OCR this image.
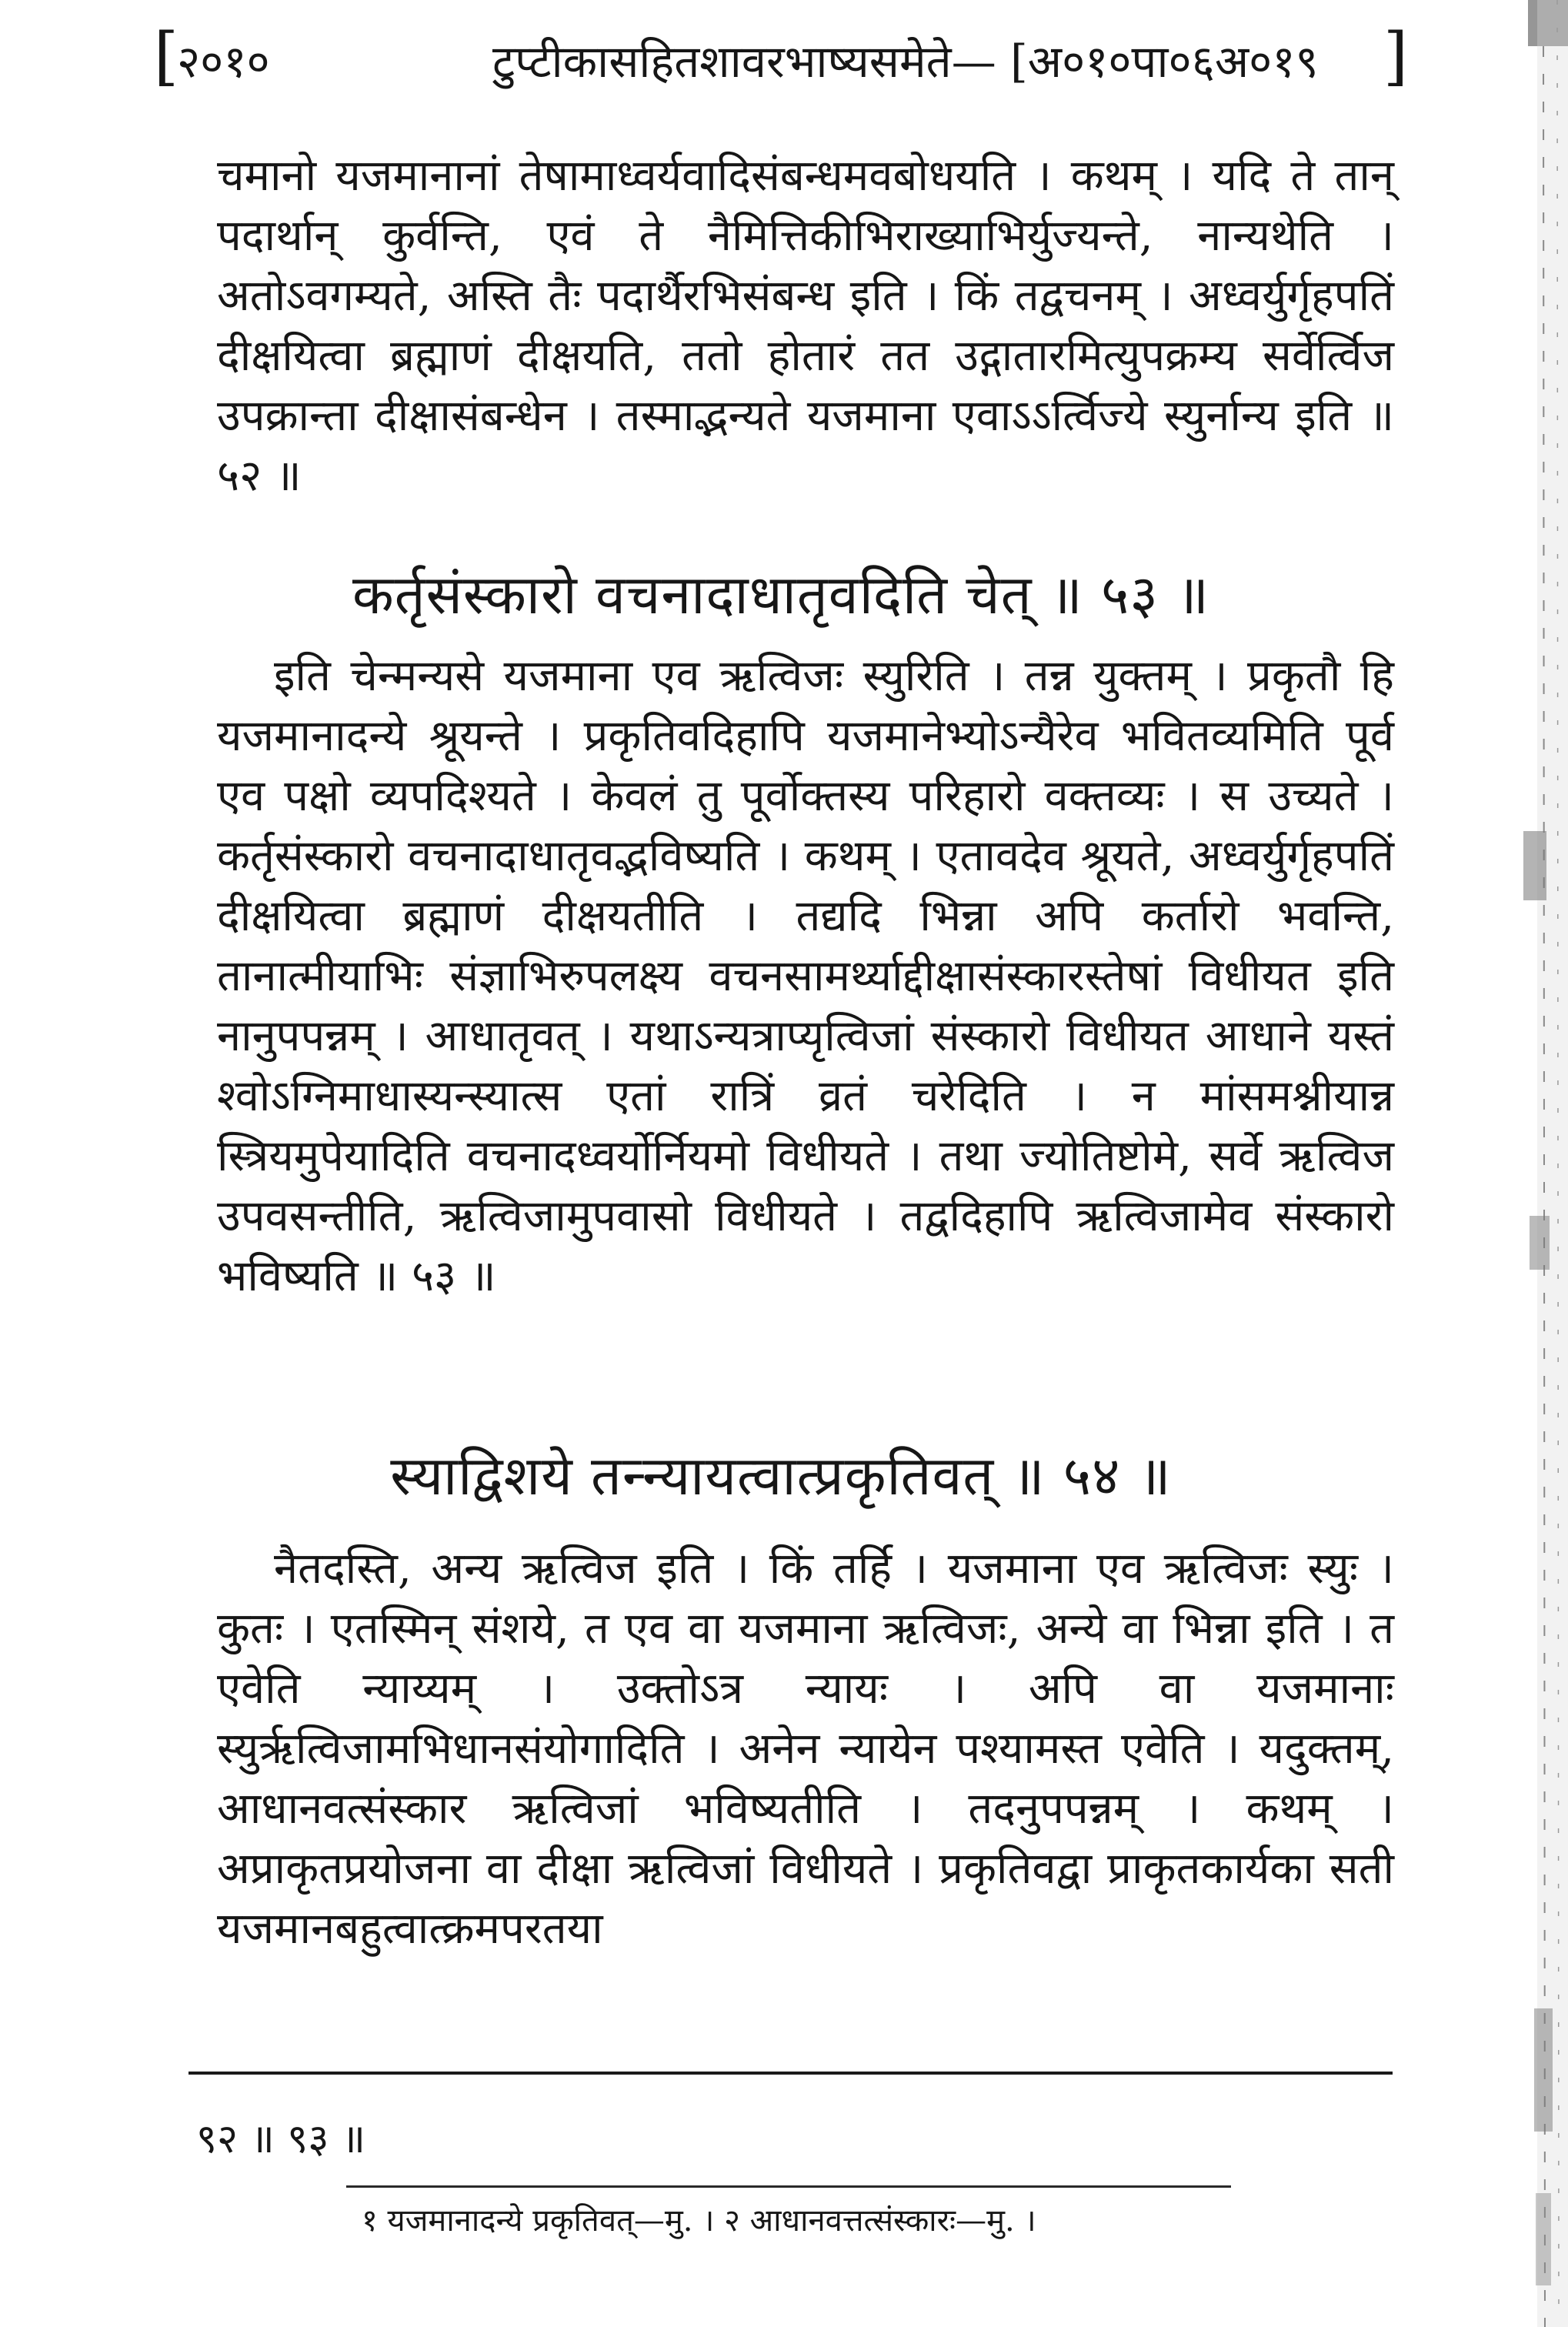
[
२०१०	टुप्टीकासहितशावरभाष्यसमेते— [अ०१०पा०६अ०१९ ]

चमानो यजमानानां तेषामाध्वर्यवादिसंबन्धमवबोधयति । कथम् । यदि ते तान् पदार्थान् कुर्वन्ति, एवं ते नैमित्तिकीभिराख्याभिर्युज्यन्ते, नान्यथेति । अतोऽवगम्यते, अस्ति तैः पदार्थैरभिसंबन्ध इति । किं तद्वचनम् । अध्वर्युर्गृहपतिं दीक्षयित्वा ब्रह्माणं दीक्षयति, ततो होतारं तत उद्गातारमित्युपक्रम्य सर्वेर्त्विज उपक्रान्ता दीक्षासंबन्धेन । तस्माद्भन्यते यजमाना एवाऽऽर्त्विज्ये स्युर्नान्य इति ॥ ५२ ॥

कर्तृसंस्कारो वचनादाधातृवदिति चेत् ॥ ५३ ॥

इति चेन्मन्यसे यजमाना एव ऋत्विजः स्युरिति । तन्न युक्तम् । प्रकृतौ हि यजमानादन्ये श्रूयन्ते । प्रकृतिवदिहापि यजमानेभ्योऽन्यैरेव भवितव्यमिति पूर्व एव पक्षो व्यपदिश्यते । केवलं तु पूर्वोक्तस्य परिहारो वक्तव्यः । स उच्यते । कर्तृसंस्कारो वचनादाधातृवद्भविष्यति । कथम् । एतावदेव श्रूयते, अध्वर्युर्गृहपतिं दीक्षयित्वा ब्रह्माणं दीक्षयतीति । तद्यदि भिन्ना अपि कर्तारो भवन्ति, तानात्मीयाभिः संज्ञाभिरुपलक्ष्य वचनसामर्थ्याद्दीक्षासंस्कारस्तेषां विधीयत इति नानुपपन्नम् । आधातृवत् । यथाऽन्यत्राप्यृत्विजां संस्कारो विधीयत आधाने यस्तं श्वोऽग्निमाधास्यन्स्यात्स एतां रात्रिं व्रतं चरेदिति । न मांसमश्नीयान्न स्त्रियमुपेयादिति वचनादध्वर्योर्नियमो विधीयते । तथा ज्योतिष्टोमे, सर्वे ऋत्विज उपवसन्तीति, ऋत्विजामुपवासो विधीयते । तद्वदिहापि ऋत्विजामेव संस्कारो भविष्यति ॥ ५३ ॥

स्याद्विशये तन्न्यायत्वात्प्रकृतिवत् ॥ ५४ ॥

नैतदस्ति, अन्य ऋत्विज इति । किं तर्हि । यजमाना एव ऋत्विजः स्युः । कुतः । एतस्मिन् संशये, त एव वा यजमाना ऋत्विजः, अन्ये वा भिन्ना इति । त एवेति न्याय्यम् । उक्तोऽत्र न्यायः । अपि वा यजमानाः स्युर्ऋत्विजामभिधानसंयोगादिति । अनेन न्यायेन पश्यामस्त एवेति । यदुक्तम्, आधानवत्संस्कार ऋत्विजां भविष्यतीति । तदनुपपन्नम् । कथम् । अप्राकृतप्रयोजना वा दीक्षा ऋत्विजां विधीयते । प्रकृतिवद्वा प्राकृतकार्यका सती यजमानबहुत्वात्क्रमपरतया

९२ ॥ ९३ ॥
१ यजमानादन्ये प्रकृतिवत्—मु. । २ आधानवत्तत्संस्कारः—मु. ।
